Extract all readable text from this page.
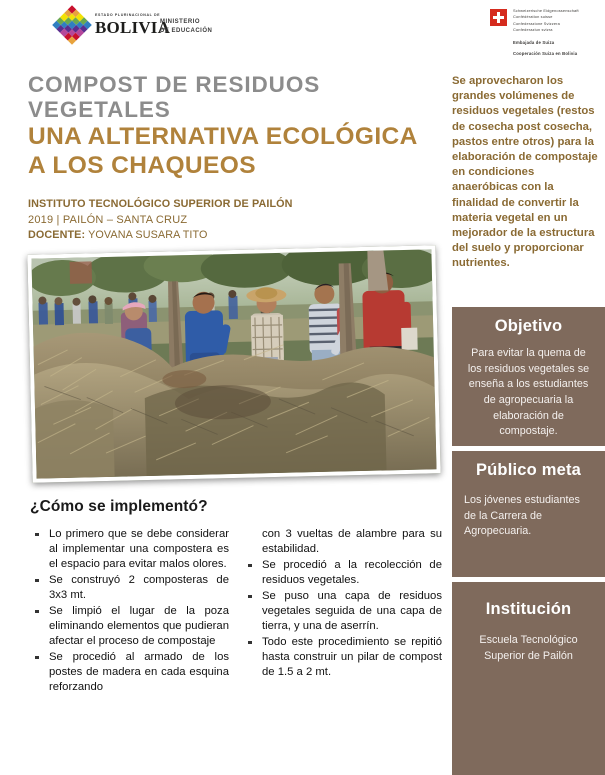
ESTADO PLURINACIONAL DE
BOLIVIA
MINISTERIO
DE EDUCACIÓN
Schweizerische Eidgenossenschaft
Confédération suisse
Confederazione Svizzera
Confederaziun svizra
Embajada de Suiza
Cooperación Suiza en Bolivia
COMPOST DE RESIDUOS VEGETALES
UNA ALTERNATIVA ECOLÓGICA
A LOS CHAQUEOS
INSTITUTO TECNOLÓGICO SUPERIOR DE PAILÓN
2019 | PAILÓN – SANTA CRUZ
DOCENTE: YOVANA SUSARA TITO
¿Cómo se implementó?
Lo primero que se debe considerar al implementar una compostera es el espacio para evitar malos olores.
Se construyó 2 composteras de 3x3 mt.
Se limpió el lugar de la poza eliminando elementos que pudieran afectar el proceso de compostaje
Se procedió al armado de los postes de madera en cada esquina reforzando
con 3 vueltas de alambre para su estabilidad.
Se procedió a la recolección de residuos vegetales.
Se puso una capa de residuos vegetales seguida de una capa de tierra, y una de aserrín.
Todo este procedimiento se repitió hasta construir un pilar de compost de 1.5 a 2 mt.
Se aprovecharon los grandes volúmenes de residuos vegetales (restos de cosecha post cosecha, pastos entre otros) para la elaboración de compostaje en condiciones anaeróbicas con la finalidad de convertir la materia vegetal en un mejorador de la estructura del suelo y proporcionar nutrientes.
Objetivo
Para evitar la quema de los residuos vegetales se enseña a los estudiantes de agropecuaria la elaboración de compostaje.
Público meta
Los jóvenes estudiantes de la Carrera de Agropecuaria.
Institución
Escuela Tecnológico Superior de Pailón
